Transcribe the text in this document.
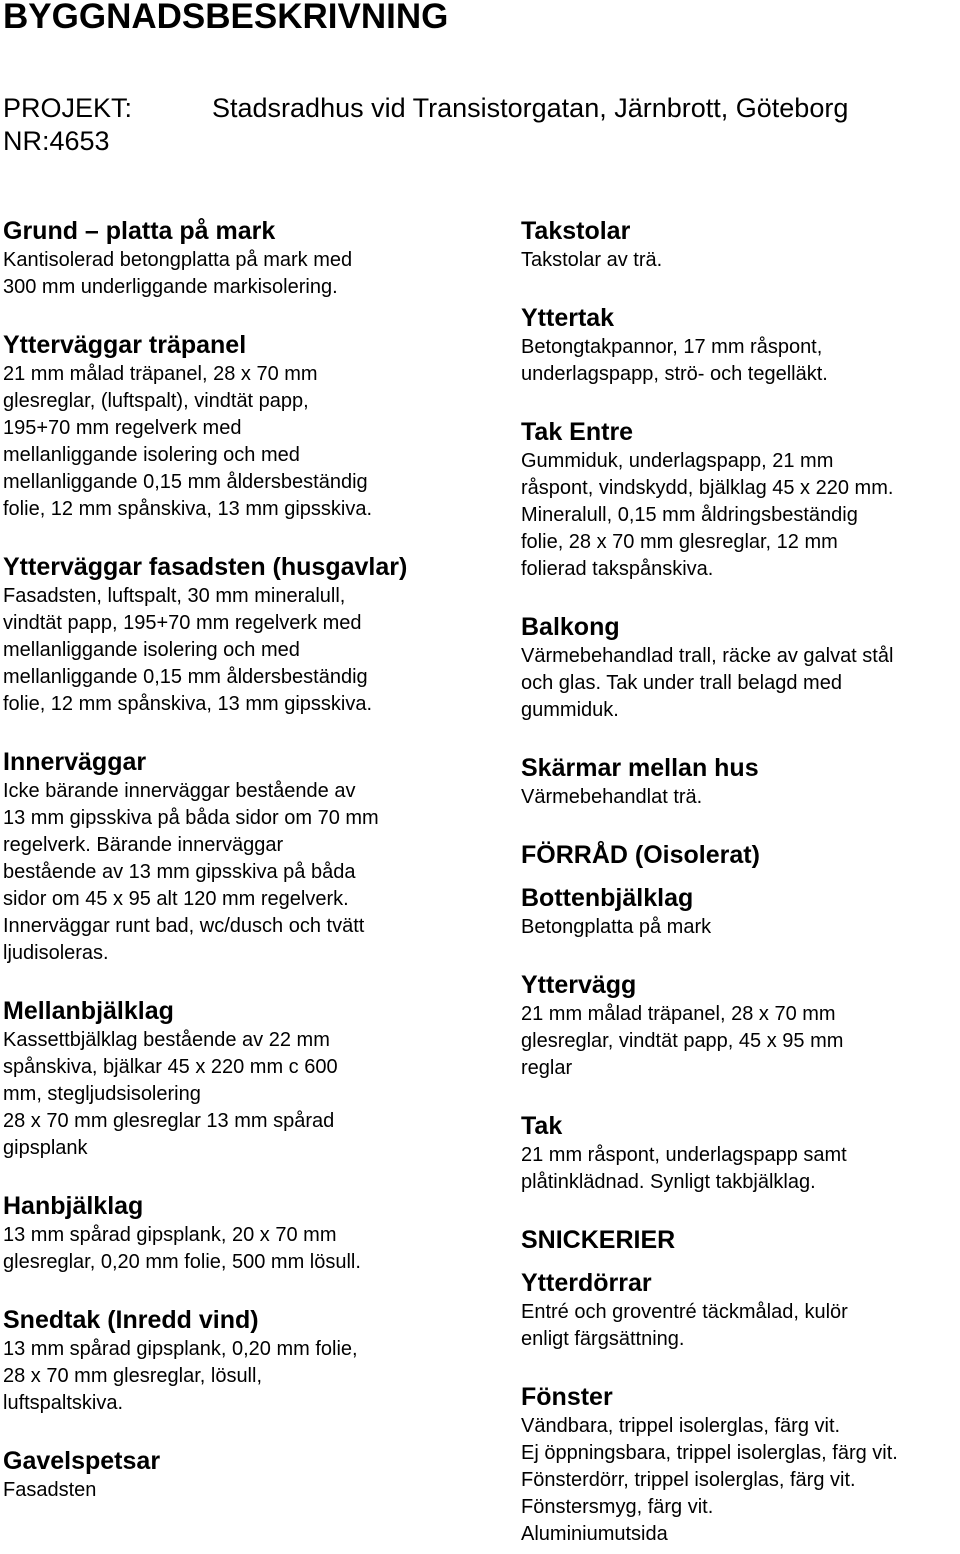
BYGGNADSBESKRIVNING
PROJEKT:	Stadsradhus vid Transistorgatan, Järnbrott, Göteborg
NR:4653
Grund – platta på mark

Kantisolerad betongplatta på mark med
300 mm underliggande markisolering.

Ytterväggar träpanel

21 mm målad träpanel, 28 x 70 mm
glesreglar, (luftspalt), vindtät papp,
195+70 mm regelverk med
mellanliggande isolering och med
mellanliggande 0,15 mm åldersbeständig
folie, 12 mm spånskiva, 13 mm gipsskiva.

Ytterväggar fasadsten (husgavlar)

Fasadsten, luftspalt, 30 mm mineralull,
vindtät papp, 195+70 mm regelverk med
mellanliggande isolering och med
mellanliggande 0,15 mm åldersbeständig
folie, 12 mm spånskiva, 13 mm gipsskiva.

Innerväggar

Icke bärande innerväggar bestående av
13 mm gipsskiva på båda sidor om 70 mm
regelverk. Bärande innerväggar
bestående av 13 mm gipsskiva på båda
sidor om 45 x 95 alt 120 mm regelverk.
Innerväggar runt bad, wc/dusch och tvätt
ljudisoleras.

Mellanbjälklag

Kassettbjälklag bestående av 22 mm
spånskiva, bjälkar 45 x 220 mm c 600
mm, stegljudsisolering
28 x 70 mm glesreglar 13 mm spårad
gipsplank

Hanbjälklag

13 mm spårad gipsplank, 20 x 70 mm
glesreglar, 0,20 mm folie, 500 mm lösull.

Snedtak (Inredd vind)

13 mm spårad gipsplank, 0,20 mm folie,
28 x 70 mm glesreglar, lösull,
luftspaltskiva.

Gavelspetsar

Fasadsten

Takstolar

Takstolar av trä.

Yttertak

Betongtakpannor, 17 mm råspont,
underlagspapp, strö- och tegelläkt.

Tak Entre

Gummiduk, underlagspapp, 21 mm
råspont, vindskydd, bjälklag 45 x 220 mm.
Mineralull, 0,15 mm åldringsbeständig
folie, 28 x 70 mm glesreglar, 12 mm
folierad takspånskiva.

Balkong

Värmebehandlad trall, räcke av galvat stål
och glas. Tak under trall belagd med
gummiduk.

Skärmar mellan hus

Värmebehandlat trä.

FÖRRÅD (Oisolerat)
Bottenbjälklag

Betongplatta på mark

Yttervägg

21 mm målad träpanel, 28 x 70 mm
glesreglar, vindtät papp, 45 x 95 mm
reglar

Tak

21 mm råspont, underlagspapp samt
plåtinklädnad. Synligt takbjälklag.

SNICKERIER
Ytterdörrar

Entré och groventré täckmålad, kulör
enligt färgsättning.

Fönster

Vändbara, trippel isolerglas, färg vit.
Ej öppningsbara, trippel isolerglas, färg vit.
Fönsterdörr, trippel isolerglas, färg vit.
Fönstersmyg, färg vit.
Aluminiumutsida
